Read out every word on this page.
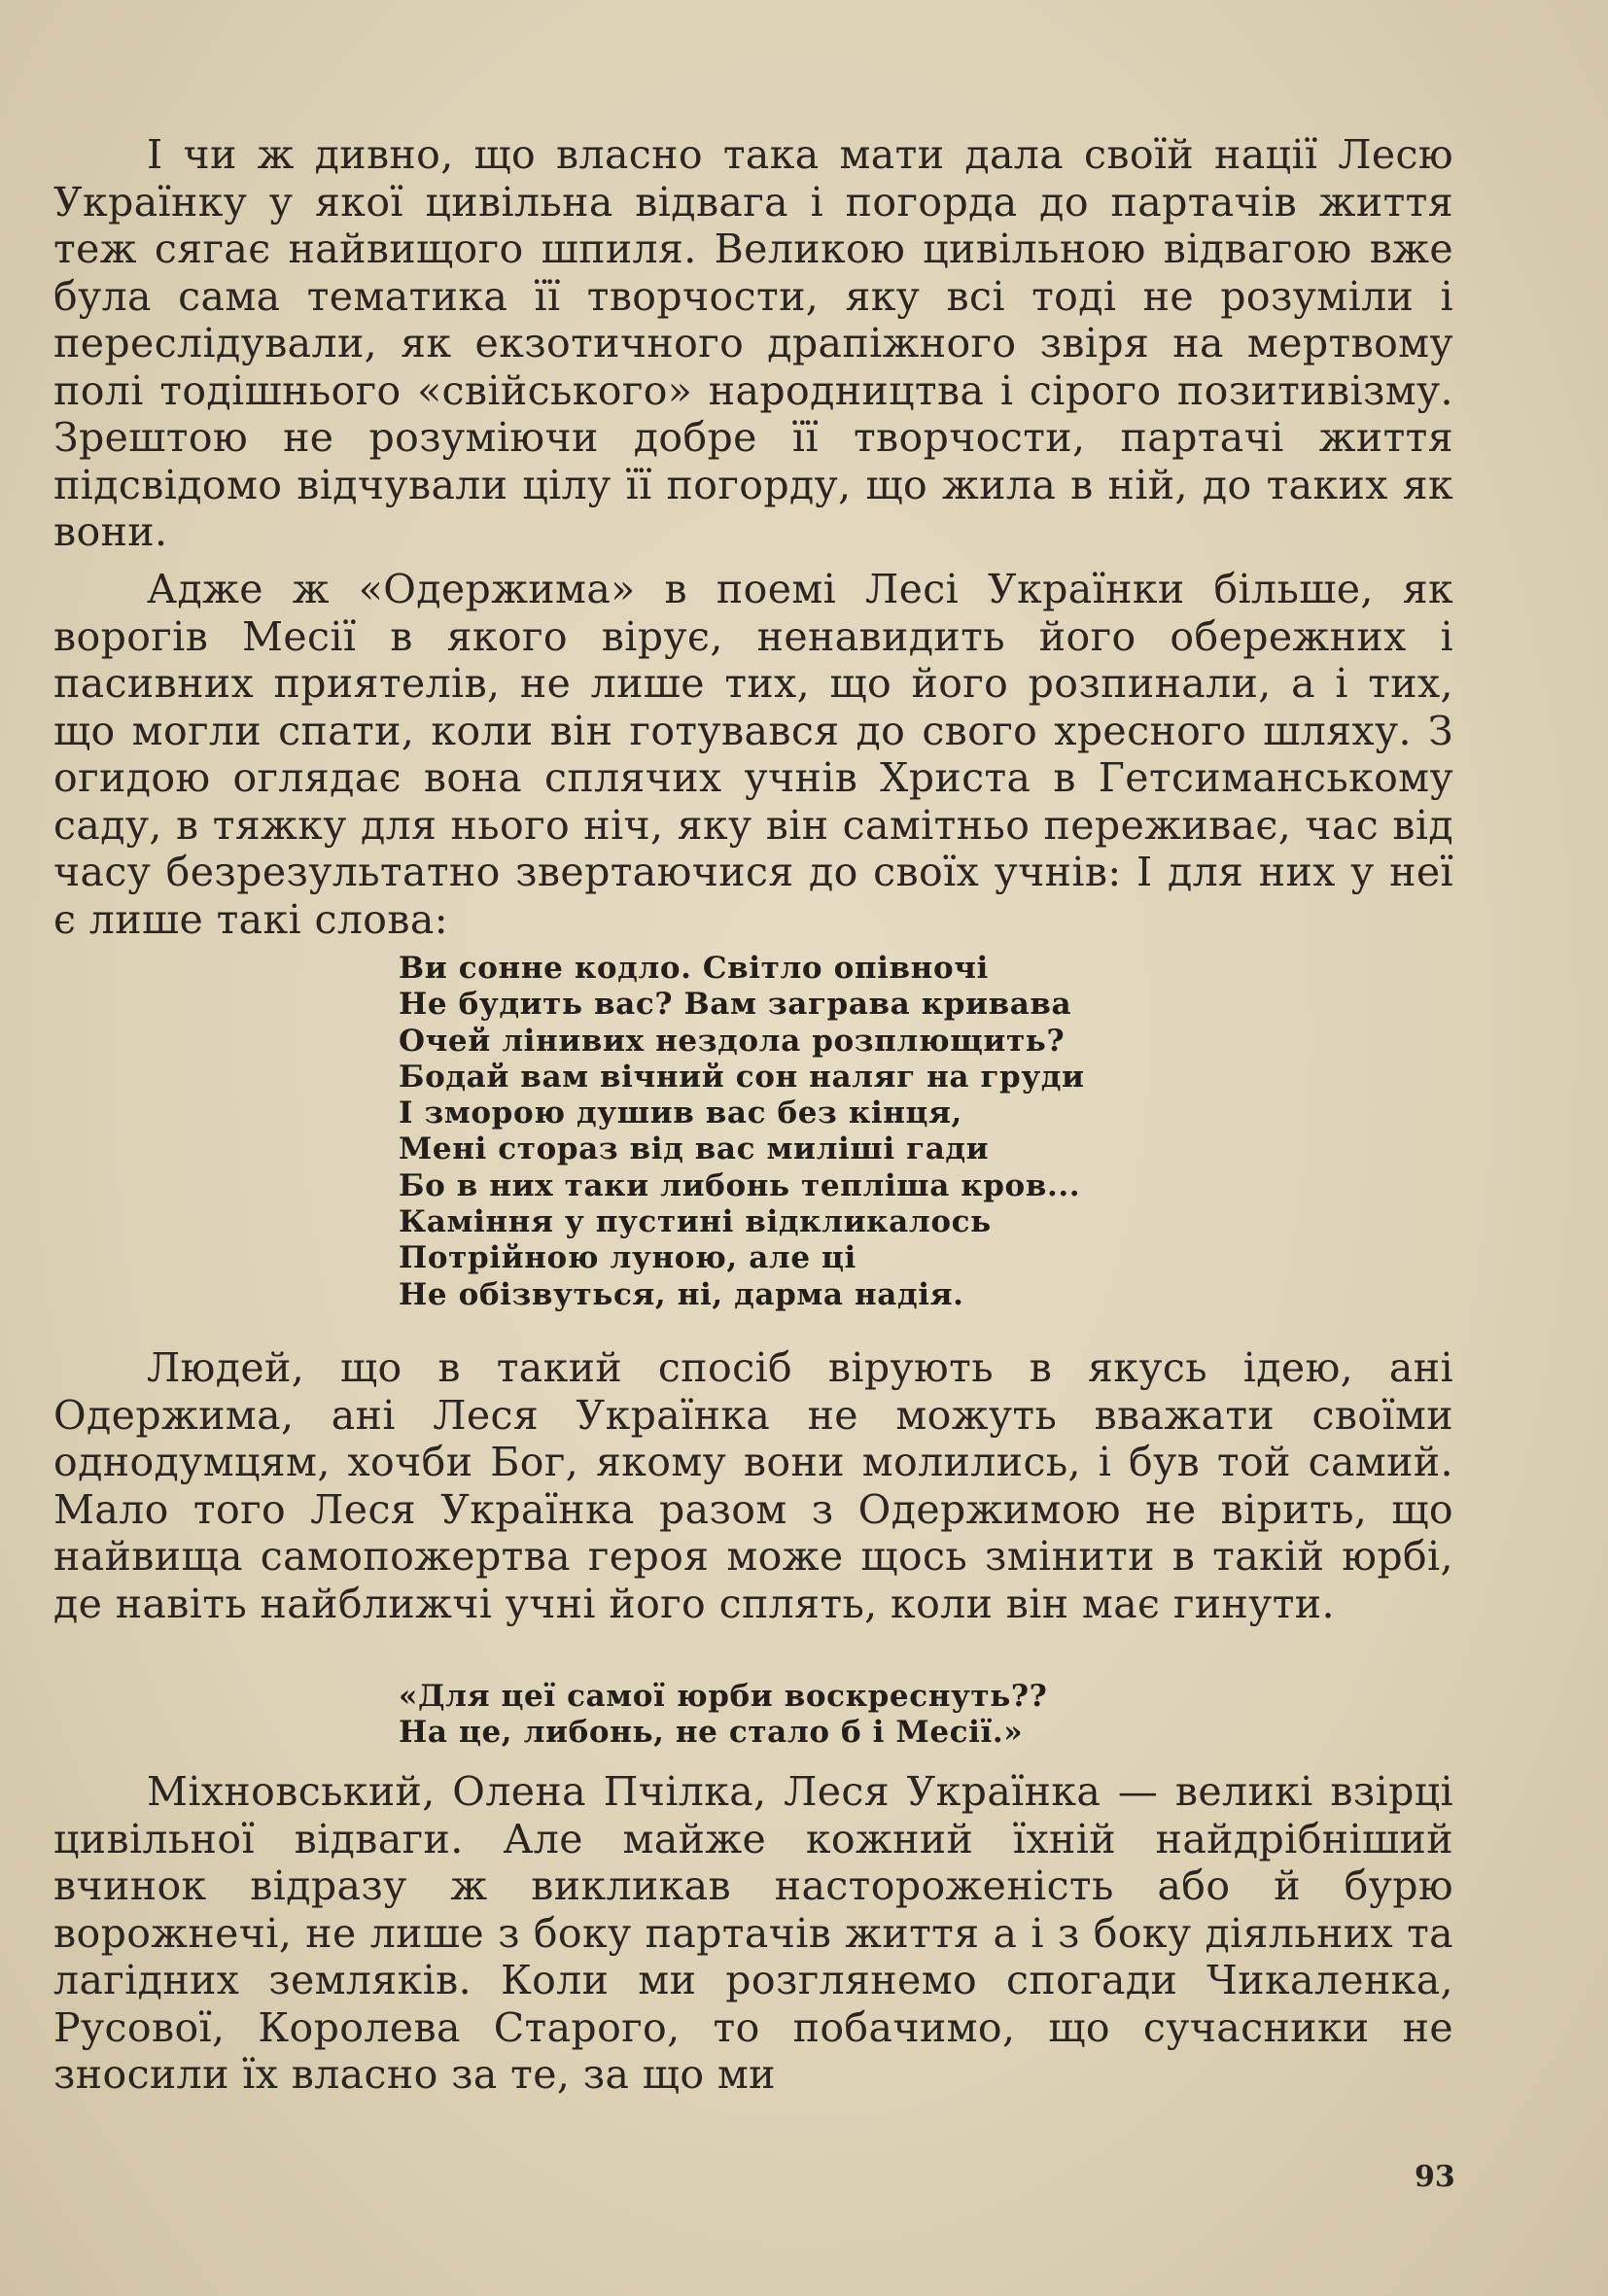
І чи ж дивно, що власно така мати дала своїй нації Лесю Українку у якої цивільна відвага і погорда до партачів життя теж сягає найвищого шпиля. Великою цивільною відвагою вже була сама тематика її творчости, яку всі тоді не розуміли і переслідували, як екзотичного драпіжного звіря на мертвому полі тодішнього «свійського» народництва і сірого позитивізму. Зрештою не розуміючи добре її творчости, партачі життя підсвідомо відчували цілу її погорду, що жила в ній, до таких як вони.

Адже ж «Одержима» в поемі Лесі Українки більше, як ворогів Месії в якого вірує, ненавидить його обережних і пасивних приятелів, не лише тих, що його розпинали, а і тих, що могли спати, коли він готувався до свого хресного шляху. З огидою оглядає вона сплячих учнів Христа в Гетсиманському саду, в тяжку для нього ніч, яку він самітньо переживає, час від часу безрезультатно звертаючися до своїх учнів: І для них у неї є лише такі слова:

Ви сонне кодло. Світло опівночі
Не будить вас? Вам заграва кривава
Очей лінивих нездола розплющить?
Бодай вам вічний сон наляг на груди
І зморою душив вас без кінця,
Мені стораз від вас миліші гади
Бо в них таки либонь тепліша кров...
Каміння у пустині відкликалось
Потрійною луною, але ці
Не обізвуться, ні, дарма надія.

Людей, що в такий спосіб вірують в якусь ідею, ані Одержима, ані Леся Українка не можуть вважати своїми однодумцям, хочби Бог, якому вони молились, і був той самий. Мало того Леся Українка разом з Одержимою не вірить, що найвища самопожертва героя може щось змінити в такій юрбі, де навіть найближчі учні його сплять, коли він має гинути.

«Для цеї самої юрби воскреснуть??
На це, либонь, не стало б і Месії.»

Міхновський, Олена Пчілка, Леся Українка — великі взірці цивільної відваги. Але майже кожний їхній найдрібніший вчинок відразу ж викликав настороженість або й бурю ворожнечі, не лише з боку партачів життя а і з боку діяльних та лагідних земляків. Коли ми розглянемо спогади Чикаленка, Русової, Королева Старого, то побачимо, що сучасники не зносили їх власно за те, за що ми

93
